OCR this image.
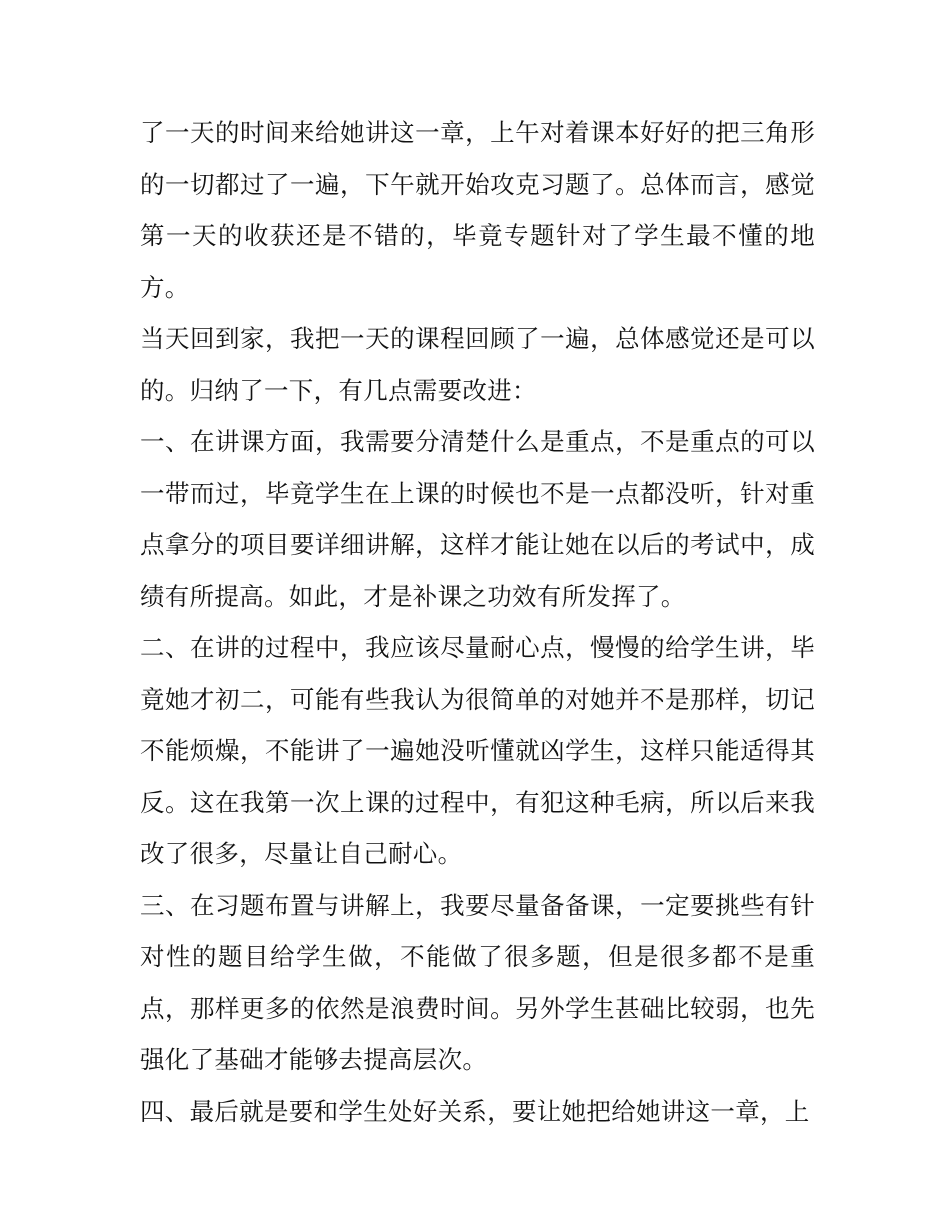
了一天的时间来给她讲这一章，上午对着课本好好的把三角形的一切都过了一遍，下午就开始攻克习题了。总体而言，感觉第一天的收获还是不错的，毕竟专题针对了学生最不懂的地方。

当天回到家，我把一天的课程回顾了一遍，总体感觉还是可以的。归纳了一下，有几点需要改进：

一、在讲课方面，我需要分清楚什么是重点，不是重点的可以一带而过，毕竟学生在上课的时候也不是一点都没听，针对重点拿分的项目要详细讲解，这样才能让她在以后的考试中，成绩有所提高。如此，才是补课之功效有所发挥了。

二、在讲的过程中，我应该尽量耐心点，慢慢的给学生讲，毕竟她才初二，可能有些我认为很简单的对她并不是那样，切记不能烦燥，不能讲了一遍她没听懂就凶学生，这样只能适得其反。这在我第一次上课的过程中，有犯这种毛病，所以后来我改了很多，尽量让自己耐心。

三、在习题布置与讲解上，我要尽量备备课，一定要挑些有针对性的题目给学生做，不能做了很多题，但是很多都不是重点，那样更多的依然是浪费时间。另外学生甚础比较弱，也先强化了基础才能够去提高层次。

四、最后就是要和学生处好关系，要让她把给她讲这一章，上
